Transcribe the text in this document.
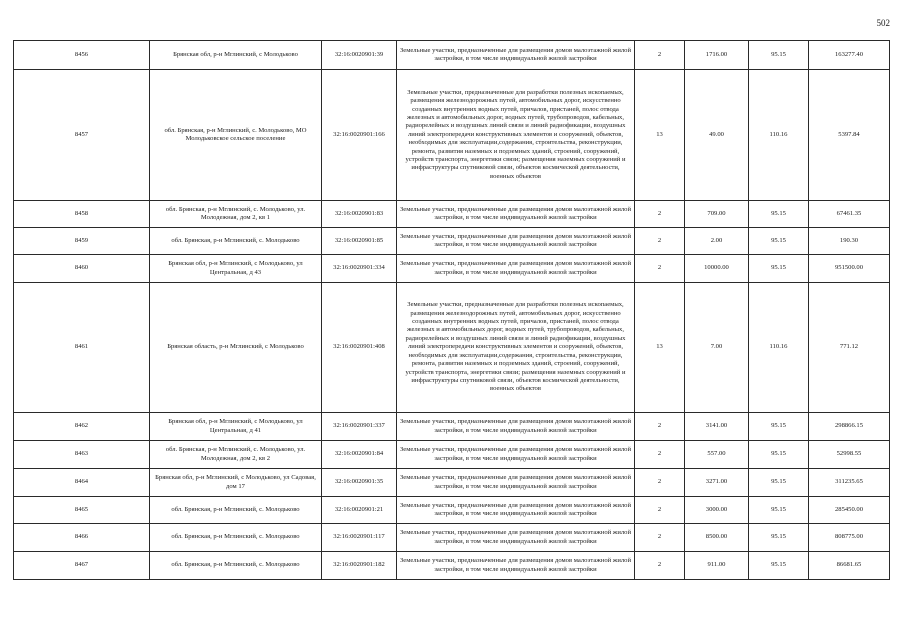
502
8456	Брянская обл, р-н Мглинский, с Молодьково	32:16:0020901:39	Земельные участки, предназначенные для размещения домов малоэтажной жилой застройки, в том числе индивидуальной жилой застройки	2	1716.00	95.15	163277.40
8457	обл. Брянская, р-н Мглинский, с. Молодьково, МО Молодьковское сельское поселение	32:16:0020901:166	Земельные участки, предназначенные для разработки полезных ископаемых, размещения железнодорожных путей, автомобильных дорог, искусственно созданных внутренних водных путей, причалов, пристаней, полос отвода железных и автомобильных дорог, водных путей, трубопроводов, кабельных, радиорелейных и воздушных линий связи и линий радиофикации, воздушных линий электропередачи конструктивных элементов и сооружений, объектов, необходимых для эксплуатации,содержания, строительства, реконструкции, ремонта, развития наземных и подземных зданий, строений, сооружений, устройств транспорта, энергетики связи; размещения наземных сооружений и инфраструктуры спутниковой связи, объектов космической деятельности, военных объектов	13	49.00	110.16	5397.84
8458	обл. Брянская, р-н Мглинский, с. Молодьково, ул. Молодежная, дом 2, кв 1	32:16:0020901:83	Земельные участки, предназначенные для размещения домов малоэтажной жилой застройки, в том числе индивидуальной жилой застройки	2	709.00	95.15	67461.35
8459	обл. Брянская, р-н Мглинский, с. Молодьково	32:16:0020901:85	Земельные участки, предназначенные для размещения домов малоэтажной жилой застройки, в том числе индивидуальной жилой застройки	2	2.00	95.15	190.30
8460	Брянская обл, р-н Мглинский, с Молодьково, ул Центральная, д 43	32:16:0020901:334	Земельные участки, предназначенные для размещения домов малоэтажной жилой застройки, в том числе индивидуальной жилой застройки	2	10000.00	95.15	951500.00
8461	Брянская область, р-н Мглинский, с Молодьково	32:16:0020901:408	Земельные участки, предназначенные для разработки полезных ископаемых, размещения железнодорожных путей, автомобильных дорог, искусственно созданных внутренних водных путей, причалов, пристаней, полос отвода железных и автомобильных дорог, водных путей, трубопроводов, кабельных, радиорелейных и воздушных линий связи и линий радиофикации, воздушных линий электропередачи конструктивных элементов и сооружений, объектов, необходимых для эксплуатации,содержания, строительства, реконструкции, ремонта, развития наземных и подземных зданий, строений, сооружений, устройств транспорта, энергетики связи; размещения наземных сооружений и инфраструктуры спутниковой связи, объектов космической деятельности, военных объектов	13	7.00	110.16	771.12
8462	Брянская обл, р-н Мглинский, с Молодьково, ул Центральная, д 41	32:16:0020901:337	Земельные участки, предназначенные для размещения домов малоэтажной жилой застройки, в том числе индивидуальной жилой застройки	2	3141.00	95.15	298866.15
8463	обл. Брянская, р-н Мглинский, с. Молодьково, ул. Молодежная, дом 2, кв 2	32:16:0020901:84	Земельные участки, предназначенные для размещения домов малоэтажной жилой застройки, в том числе индивидуальной жилой застройки	2	557.00	95.15	52998.55
8464	Брянская обл, р-н Мглинский, с Молодьково, ул Садовая, дом 17	32:16:0020901:35	Земельные участки, предназначенные для размещения домов малоэтажной жилой застройки, в том числе индивидуальной жилой застройки	2	3271.00	95.15	311235.65
8465	обл. Брянская, р-н Мглинский, с. Молодьково	32:16:0020901:21	Земельные участки, предназначенные для размещения домов малоэтажной жилой застройки, в том числе индивидуальной жилой застройки	2	3000.00	95.15	285450.00
8466	обл. Брянская, р-н Мглинский, с. Молодьково	32:16:0020901:117	Земельные участки, предназначенные для размещения домов малоэтажной жилой застройки, в том числе индивидуальной жилой застройки	2	8500.00	95.15	808775.00
8467	обл. Брянская, р-н Мглинский, с. Молодьково	32:16:0020901:182	Земельные участки, предназначенные для размещения домов малоэтажной жилой застройки, в том числе индивидуальной жилой застройки	2	911.00	95.15	86681.65
